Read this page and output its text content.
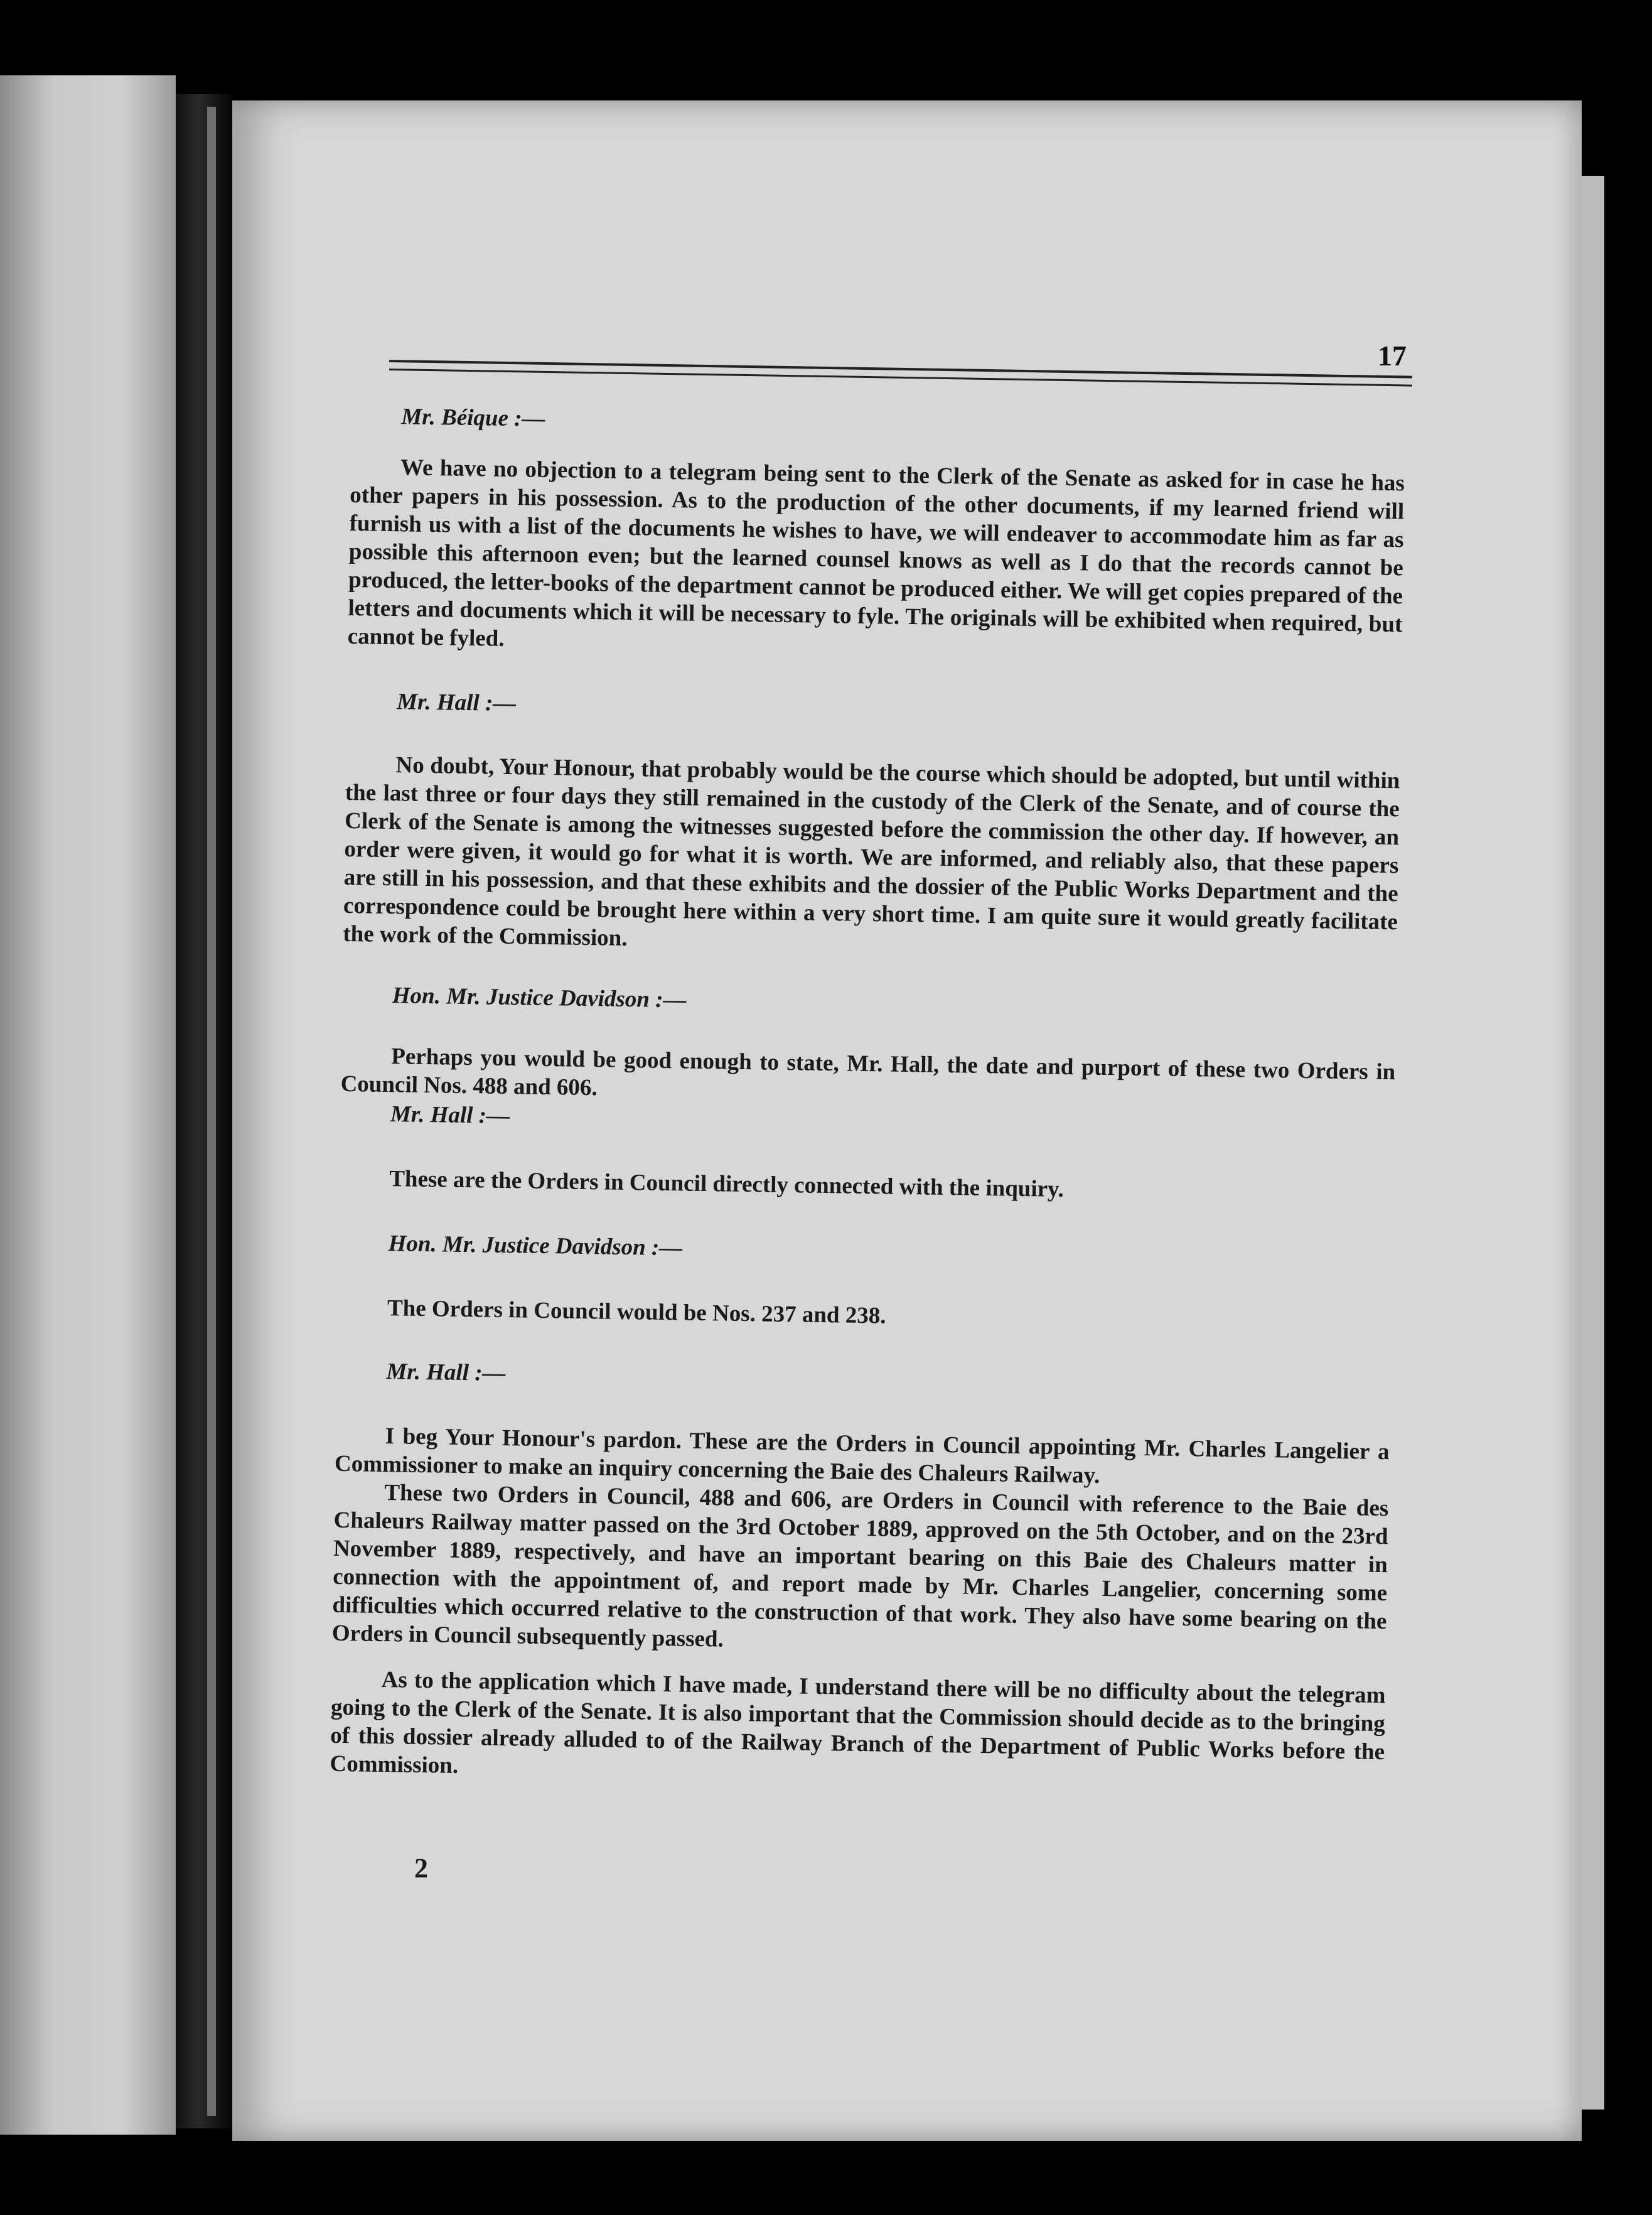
17

Mr. Béique :—

We have no objection to a telegram being sent to the Clerk of the Senate as asked for in case he has other papers in his possession. As to the production of the other documents, if my learned friend will furnish us with a list of the documents he wishes to have, we will endeaver to accommodate him as far as possible this afternoon even; but the learned counsel knows as well as I do that the records cannot be produced, the letter-books of the department cannot be produced either. We will get copies prepared of the letters and documents which it will be necessary to fyle. The originals will be exhibited when required, but cannot be fyled.

Mr. Hall :—

No doubt, Your Honour, that probably would be the course which should be adopted, but until within the last three or four days they still remained in the custody of the Clerk of the Senate, and of course the Clerk of the Senate is among the witnesses suggested before the commission the other day. If however, an order were given, it would go for what it is worth. We are informed, and reliably also, that these papers are still in his possession, and that these exhibits and the dossier of the Public Works Department and the correspondence could be brought here within a very short time. I am quite sure it would greatly facilitate the work of the Commission.

Hon. Mr. Justice Davidson :—

Perhaps you would be good enough to state, Mr. Hall, the date and purport of these two Orders in Council Nos. 488 and 606.

Mr. Hall :—

These are the Orders in Council directly connected with the inquiry.

Hon. Mr. Justice Davidson :—

The Orders in Council would be Nos. 237 and 238.

Mr. Hall :—

I beg Your Honour's pardon. These are the Orders in Council appointing Mr. Charles Langelier a Commissioner to make an inquiry concerning the Baie des Chaleurs Railway.

These two Orders in Council, 488 and 606, are Orders in Council with reference to the Baie des Chaleurs Railway matter passed on the 3rd October 1889, approved on the 5th October, and on the 23rd November 1889, respectively, and have an important bearing on this Baie des Chaleurs matter in connection with the appointment of, and report made by Mr. Charles Langelier, concerning some difficulties which occurred relative to the construction of that work. They also have some bearing on the Orders in Council subsequently passed.

As to the application which I have made, I understand there will be no difficulty about the telegram going to the Clerk of the Senate. It is also important that the Commission should decide as to the bringing of this dossier already alluded to of the Railway Branch of the Department of Public Works before the Commission.

2
